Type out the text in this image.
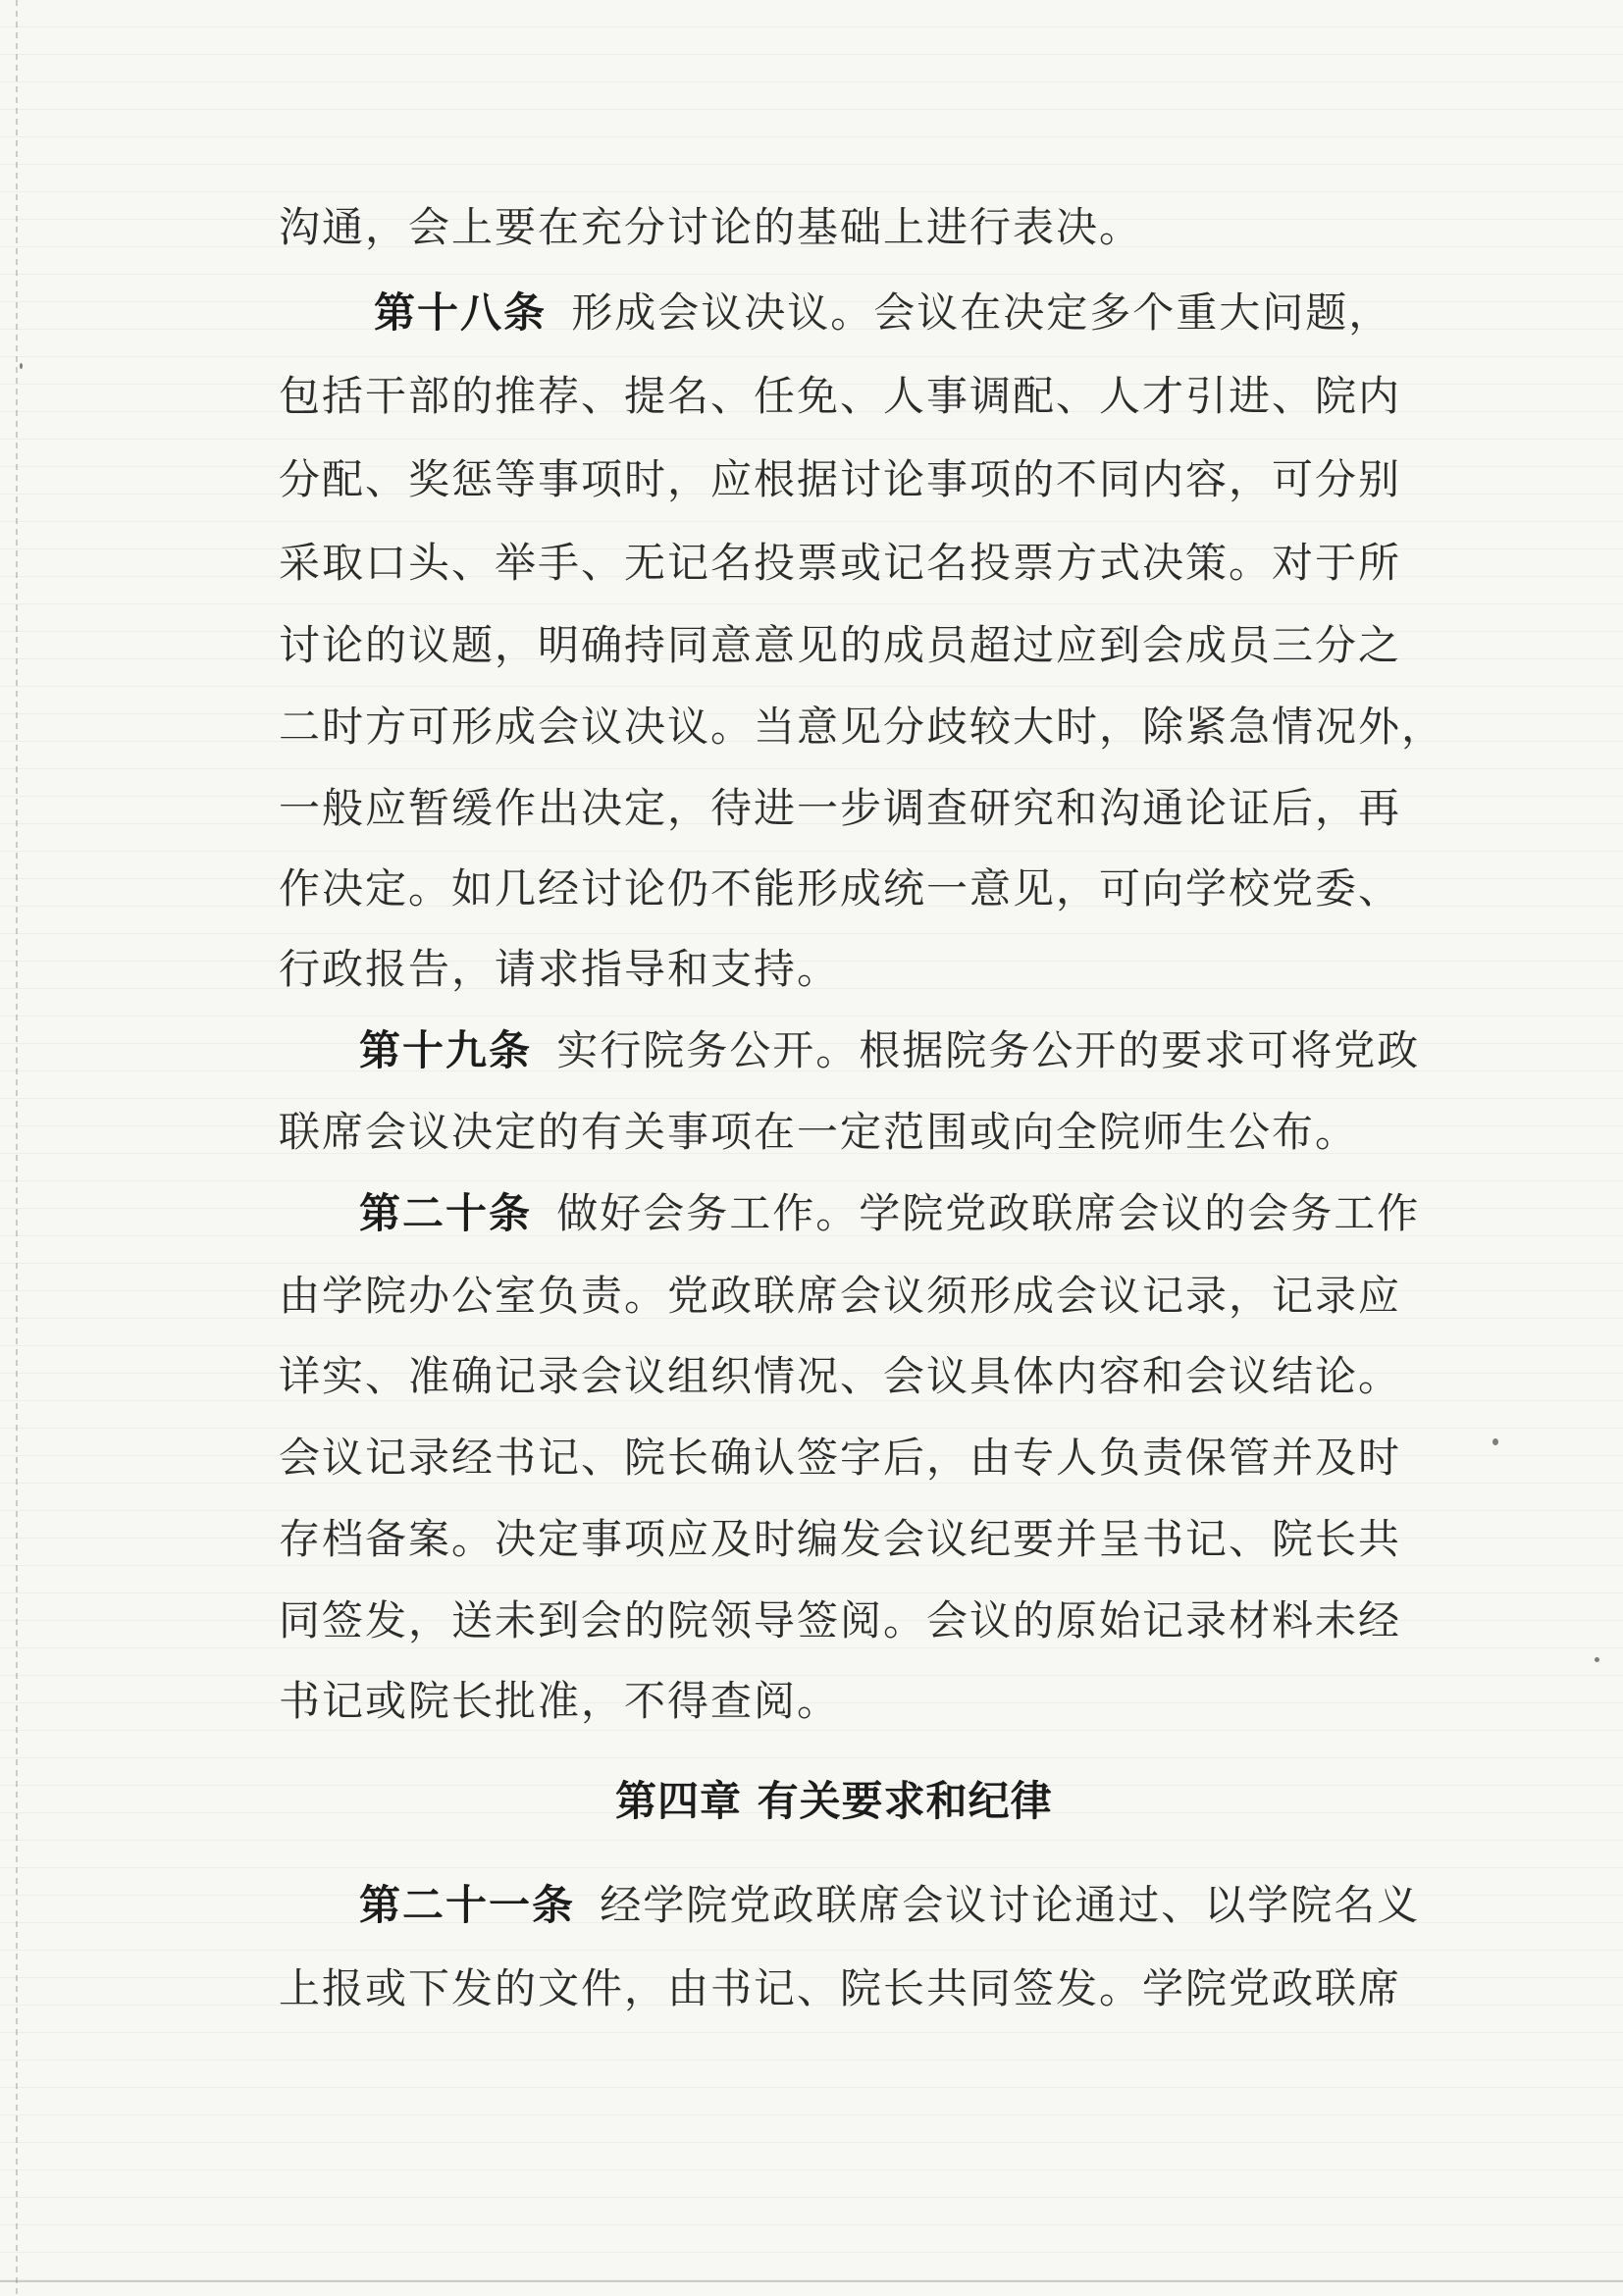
沟通，会上要在充分讨论的基础上进行表决。
第十八条 形成会议决议。会议在决定多个重大问题，
包括干部的推荐、提名、任免、人事调配、人才引进、院内
分配、奖惩等事项时，应根据讨论事项的不同内容，可分别
采取口头、举手、无记名投票或记名投票方式决策。对于所
讨论的议题，明确持同意意见的成员超过应到会成员三分之
二时方可形成会议决议。当意见分歧较大时，除紧急情况外，
一般应暂缓作出决定，待进一步调查研究和沟通论证后，再
作决定。如几经讨论仍不能形成统一意见，可向学校党委、
行政报告，请求指导和支持。
第十九条 实行院务公开。根据院务公开的要求可将党政
联席会议决定的有关事项在一定范围或向全院师生公布。
第二十条 做好会务工作。学院党政联席会议的会务工作
由学院办公室负责。党政联席会议须形成会议记录，记录应
详实、准确记录会议组织情况、会议具体内容和会议结论。
会议记录经书记、院长确认签字后，由专人负责保管并及时
存档备案。决定事项应及时编发会议纪要并呈书记、院长共
同签发，送未到会的院领导签阅。会议的原始记录材料未经
书记或院长批准，不得查阅。
第四章 有关要求和纪律
第二十一条 经学院党政联席会议讨论通过、以学院名义
上报或下发的文件，由书记、院长共同签发。学院党政联席
